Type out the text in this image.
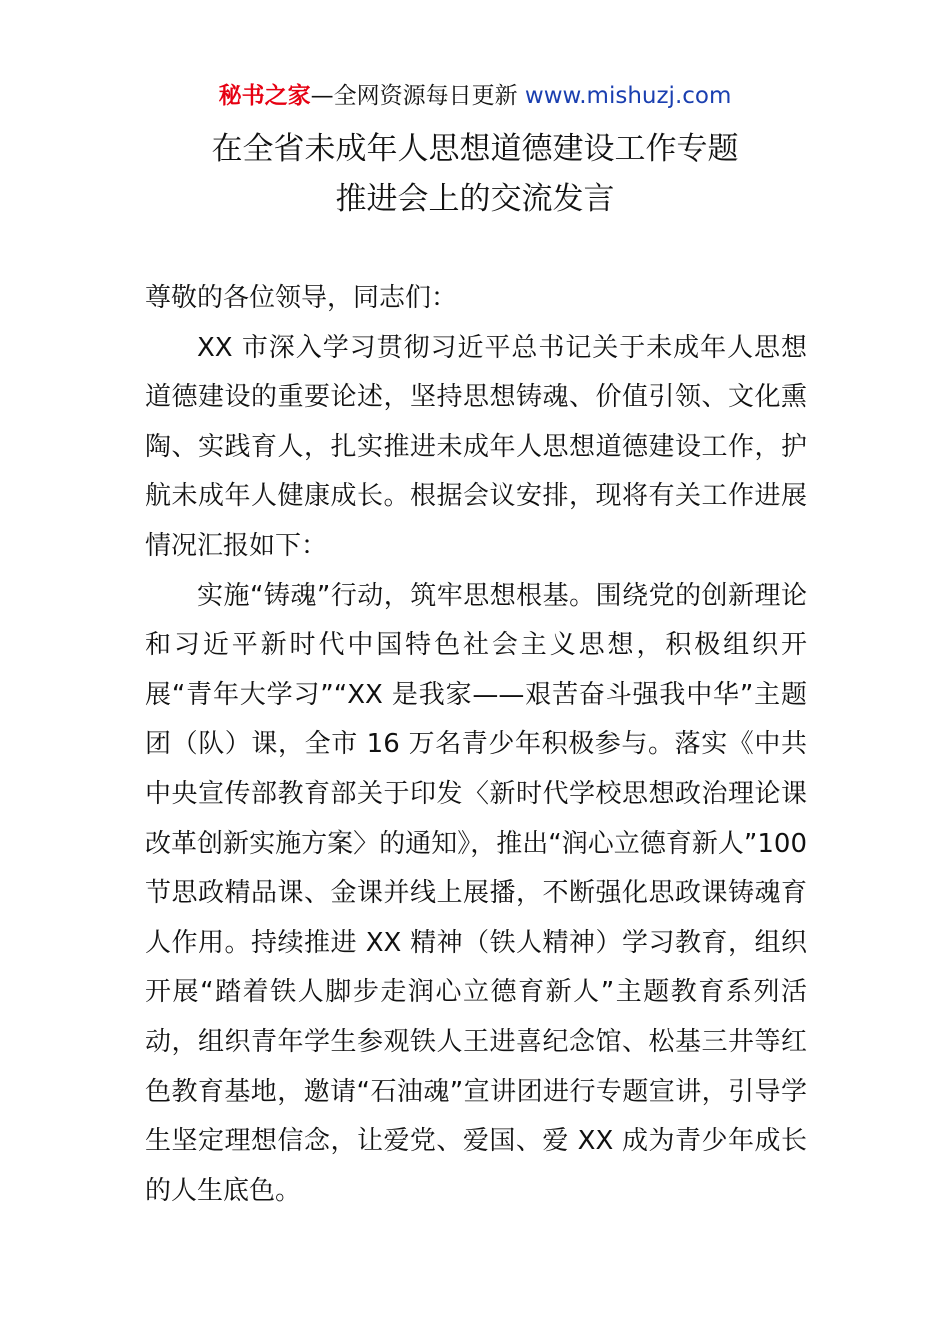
秘书之家—全网资源每日更新 www.mishuzj.com
在全省未成年人思想道德建设工作专题
推进会上的交流发言

尊敬的各位领导，同志们：

XX 市深入学习贯彻习近平总书记关于未成年人思想道德建设的重要论述，坚持思想铸魂、价值引领、文化熏陶、实践育人，扎实推进未成年人思想道德建设工作，护航未成年人健康成长。根据会议安排，现将有关工作进展情况汇报如下：

实施“铸魂”行动，筑牢思想根基。围绕党的创新理论和习近平新时代中国特色社会主义思想，积极组织开展“青年大学习”“XX 是我家——艰苦奋斗强我中华”主题团（队）课，全市 16 万名青少年积极参与。落实《中共中央宣传部教育部关于印发〈新时代学校思想政治理论课改革创新实施方案〉的通知》，推出“润心立德育新人”100 节思政精品课、金课并线上展播，不断强化思政课铸魂育人作用。持续推进 XX 精神（铁人精神）学习教育，组织开展“踏着铁人脚步走润心立德育新人”主题教育系列活动，组织青年学生参观铁人王进喜纪念馆、松基三井等红色教育基地，邀请“石油魂”宣讲团进行专题宣讲，引导学生坚定理想信念，让爱党、爱国、爱 XX 成为青少年成长的人生底色。
